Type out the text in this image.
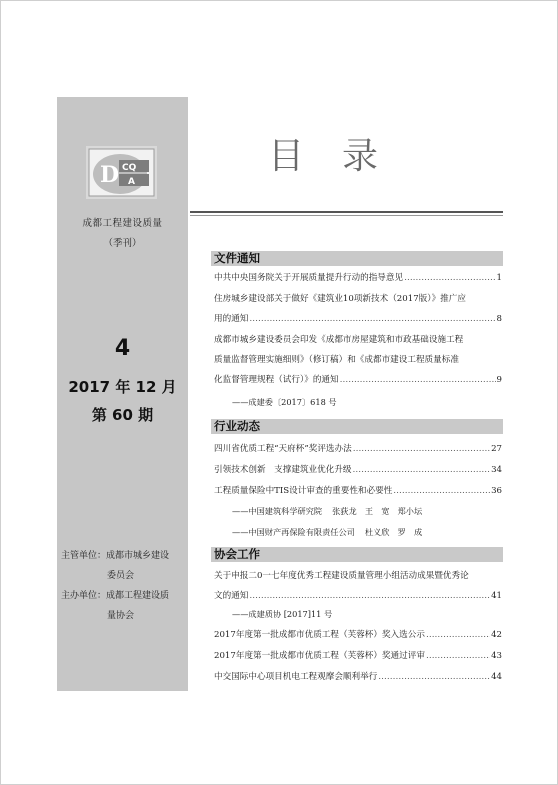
D CQ
A
成都工程建设质量
（季刊）
4
2017 年 12 月
第 60 期
主管单位：成都市城乡建设
委员会
主办单位：成都工程建设质
量协会
目录
文件通知
中共中央国务院关于开展质量提升行动的指导意见 ……………………………………………………………………………………………………………………………………………………	1
住房城乡建设部关于做好《建筑业10项新技术（2017版）》推广应
用的通知 ……………………………………………………………………………………………………………………………………………………	8
成都市城乡建设委员会印发《成都市房屋建筑和市政基础设施工程
质量监督管理实施细则》（修订稿）和《成都市建设工程质量标准
化监督管理规程（试行）》的通知 ……………………………………………………………………………………………………………………………………………………	9
——成建委〔2017〕618 号
行业动态
四川省优质工程“天府杯”奖评选办法 ……………………………………………………………………………………………………………………………………………………	27
引领技术创新　支撑建筑业优化升级 ……………………………………………………………………………………………………………………………………………………	34
工程质量保险中TIS设计审查的重要性和必要性 ……………………………………………………………………………………………………………………………………………………	36
——中国建筑科学研究院 张荻龙　王　宽　郑小坛
——中国财产再保险有限责任公司 杜义欣　罗　成
协会工作
关于申报二0一七年度优秀工程建设质量管理小组活动成果暨优秀论
文的通知 ……………………………………………………………………………………………………………………………………………………	41
——成建质协 [2017]11 号
2017年度第一批成都市优质工程（芙蓉杯）奖入选公示 ……………………………………………………………………………………………………………………………………………………	42
2017年度第一批成都市优质工程（芙蓉杯）奖通过评审 ……………………………………………………………………………………………………………………………………………………	43
中交国际中心项目机电工程观摩会顺利举行 ……………………………………………………………………………………………………………………………………………………	44
